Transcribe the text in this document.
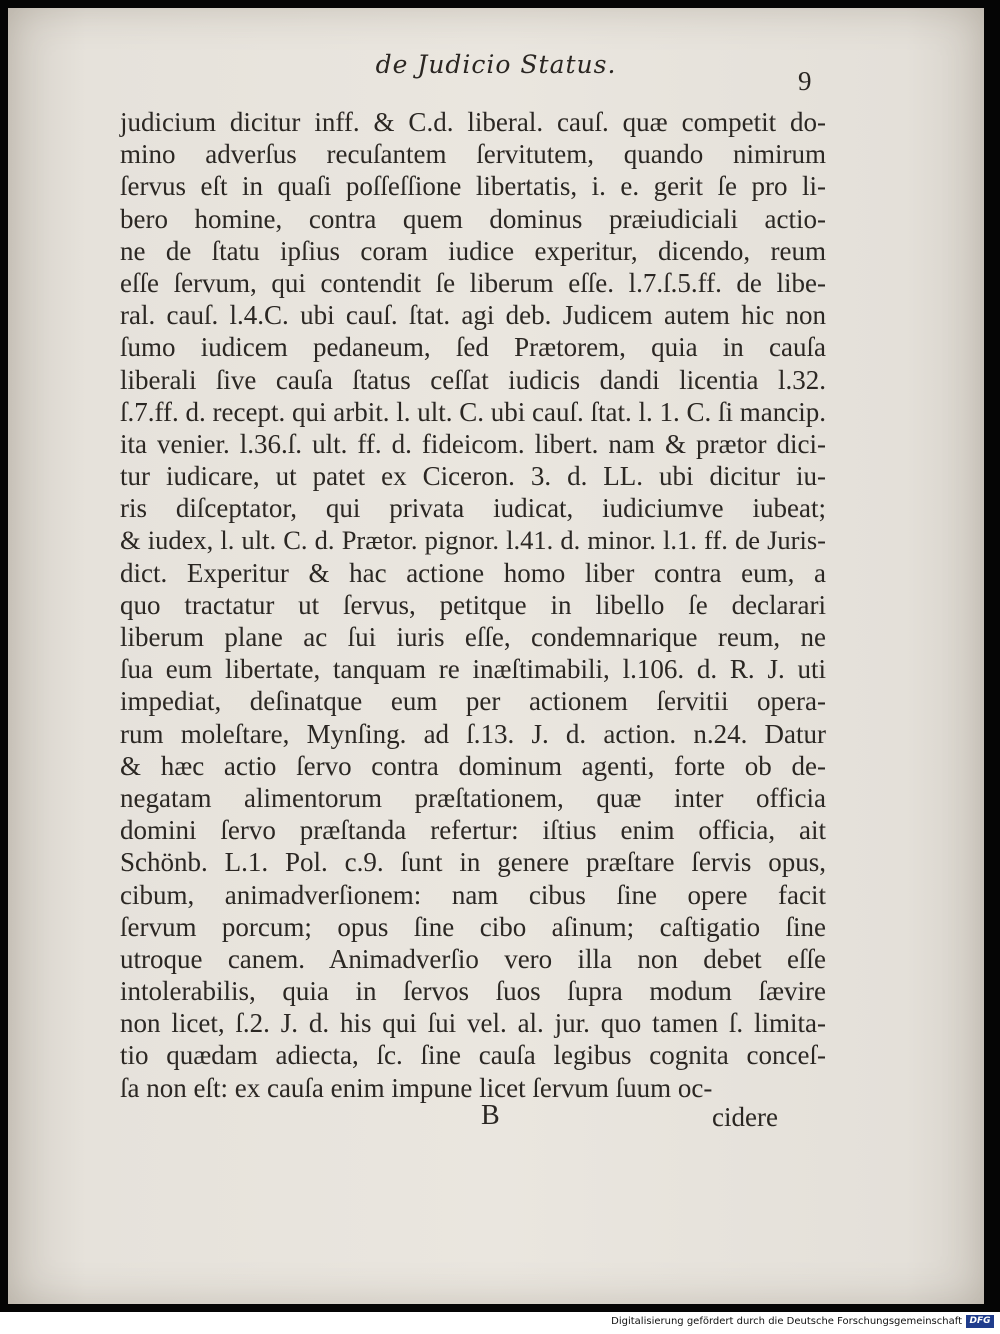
de Judicio Status.
9
judicium dicitur inff. & C.d. liberal. cauſ. quæ competit do-
mino adverſus recuſantem ſervitutem, quando nimirum
ſervus eſt in quaſi poſſeſſione libertatis, i. e. gerit ſe pro li-
bero homine, contra quem dominus præiudiciali actio-
ne de ſtatu ipſius coram iudice experitur, dicendo, reum
eſſe ſervum, qui contendit ſe liberum eſſe. l.7.ſ.5.ff. de libe-
ral. cauſ. l.4.C. ubi cauſ. ſtat. agi deb. Judicem autem hic non
ſumo iudicem pedaneum, ſed Prætorem, quia in cauſa
liberali ſive cauſa ſtatus ceſſat iudicis dandi licentia l.32.
ſ.7.ff. d. recept. qui arbit. l. ult. C. ubi cauſ. ſtat. l. 1. C. ſi mancip.
ita venier. l.36.ſ. ult. ff. d. fideicom. libert. nam & prætor dici-
tur iudicare, ut patet ex Ciceron. 3. d. LL. ubi dicitur iu-
ris diſceptator, qui privata iudicat, iudiciumve iubeat;
& iudex, l. ult. C. d. Prætor. pignor. l.41. d. minor. l.1. ff. de Juris-
dict. Experitur & hac actione homo liber contra eum, a
quo tractatur ut ſervus, petitque in libello ſe declarari
liberum plane ac ſui iuris eſſe, condemnarique reum, ne
ſua eum libertate, tanquam re inæſtimabili, l.106. d. R. J. uti
impediat, deſinatque eum per actionem ſervitii opera-
rum moleſtare, Mynſing. ad ſ.13. J. d. action. n.24. Datur
& hæc actio ſervo contra dominum agenti, forte ob de-
negatam alimentorum præſtationem, quæ inter officia
domini ſervo præſtanda refertur: iſtius enim officia, ait
Schönb. L.1. Pol. c.9. ſunt in genere præſtare ſervis opus,
cibum, animadverſionem: nam cibus ſine opere facit
ſervum porcum; opus ſine cibo aſinum; caſtigatio ſine
utroque canem. Animadverſio vero illa non debet eſſe
intolerabilis, quia in ſervos ſuos ſupra modum ſævire
non licet, ſ.2. J. d. his qui ſui vel. al. jur. quo tamen ſ. limita-
tio quædam adiecta, ſc. ſine cauſa legibus cognita conceſ-
ſa non eſt: ex cauſa enim impune licet ſervum ſuum oc-
B	cidere
Digitalisierung gefördert durch die Deutsche Forschungsgemeinschaft DFG
